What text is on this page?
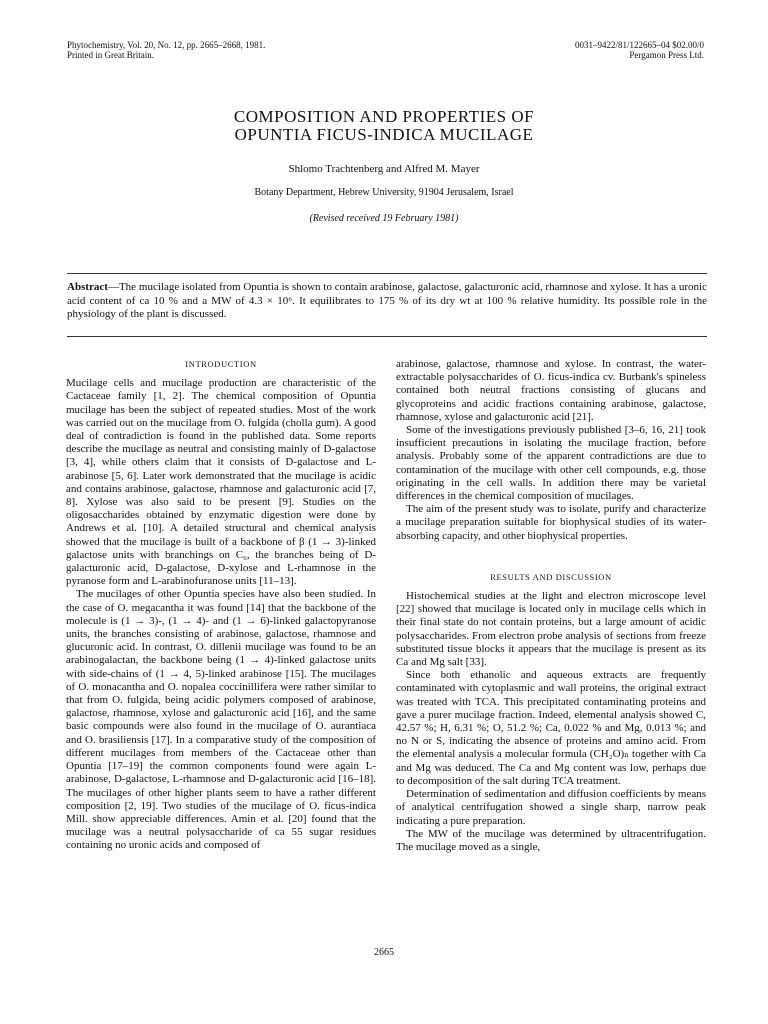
Phytochemistry, Vol. 20, No. 12, pp. 2665–2668, 1981.
Printed in Great Britain.
0031–9422/81/122665–04 $02.00/0
Pergamon Press Ltd.
COMPOSITION AND PROPERTIES OF
OPUNTIA FICUS-INDICA MUCILAGE
Shlomo Trachtenberg and Alfred M. Mayer
Botany Department, Hebrew University, 91904 Jerusalem, Israel
(Revised received 19 February 1981)
Abstract—The mucilage isolated from Opuntia is shown to contain arabinose, galactose, galacturonic acid, rhamnose and xylose. It has a uronic acid content of ca 10 % and a MW of 4.3 × 10⁶. It equilibrates to 175 % of its dry wt at 100 % relative humidity. Its possible role in the physiology of the plant is discussed.
INTRODUCTION

Mucilage cells and mucilage production are characteristic of the Cactaceae family [1, 2]. The chemical composition of Opuntia mucilage has been the subject of repeated studies. Most of the work was carried out on the mucilage from O. fulgida (cholla gum). A good deal of contradiction is found in the published data. Some reports describe the mucilage as neutral and consisting mainly of D-galactose [3, 4], while others claim that it consists of D-galactose and L-arabinose [5, 6]. Later work demonstrated that the mucilage is acidic and contains arabinose, galactose, rhamnose and galacturonic acid [7, 8]. Xylose was also said to be present [9]. Studies on the oligosaccharides obtained by enzymatic digestion were done by Andrews et al. [10]. A detailed structural and chemical analysis showed that the mucilage is built of a backbone of β (1 → 3)-linked galactose units with branchings on C₆, the branches being of D-galacturonic acid, D-galactose, D-xylose and L-rhamnose in the pyranose form and L-arabinofuranose units [11–13].

The mucilages of other Opuntia species have also been studied. In the case of O. megacantha it was found [14] that the backbone of the molecule is (1 → 3)-, (1 → 4)- and (1 → 6)-linked galactopyranose units, the branches consisting of arabinose, galactose, rhamnose and glucuronic acid. In contrast, O. dillenii mucilage was found to be an arabinogalactan, the backbone being (1 → 4)-linked galactose units with side-chains of (1 → 4, 5)-linked arabinose [15]. The mucilages of O. monacantha and O. nopalea coccinillifera were rather similar to that from O. fulgida, being acidic polymers composed of arabinose, galactose, rhamnose, xylose and galacturonic acid [16], and the same basic compounds were also found in the mucilage of O. aurantiaca and O. brasiliensis [17]. In a comparative study of the composition of different mucilages from members of the Cactaceae other than Opuntia [17–19] the common components found were again L-arabinose, D-galactose, L-rhamnose and D-galacturonic acid [16–18]. The mucilages of other higher plants seem to have a rather different composition [2, 19]. Two studies of the mucilage of O. ficus-indica Mill. show appreciable differences. Amin et al. [20] found that the mucilage was a neutral polysaccharide of ca 55 sugar residues containing no uronic acids and composed of

arabinose, galactose, rhamnose and xylose. In contrast, the water-extractable polysaccharides of O. ficus-indica cv. Burbank's spineless contained both neutral fractions consisting of glucans and glycoproteins and acidic fractions containing arabinose, galactose, rhamnose, xylose and galacturonic acid [21].

Some of the investigations previously published [3–6, 16, 21] took insufficient precautions in isolating the mucilage fraction, before analysis. Probably some of the apparent contradictions are due to contamination of the mucilage with other cell compounds, e.g. those originating in the cell walls. In addition there may be varietal differences in the chemical composition of mucilages.

The aim of the present study was to isolate, purify and characterize a mucilage preparation suitable for biophysical studies of its water-absorbing capacity, and other biophysical properties.

RESULTS AND DISCUSSION

Histochemical studies at the light and electron microscope level [22] showed that mucilage is located only in mucilage cells which in their final state do not contain proteins, but a large amount of acidic polysaccharides. From electron probe analysis of sections from freeze substituted tissue blocks it appears that the mucilage is present as its Ca and Mg salt [33].

Since both ethanolic and aqueous extracts are frequently contaminated with cytoplasmic and wall proteins, the original extract was treated with TCA. This precipitated contaminating proteins and gave a purer mucilage fraction. Indeed, elemental analysis showed C, 42.57 %; H, 6.31 %; O, 51.2 %; Ca, 0.022 % and Mg, 0.013 %; and no N or S, indicating the absence of proteins and amino acid. From the elemental analysis a molecular formula (CH₂O)ₙ together with Ca and Mg was deduced. The Ca and Mg content was low, perhaps due to decomposition of the salt during TCA treatment.

Determination of sedimentation and diffusion coefficients by means of analytical centrifugation showed a single sharp, narrow peak indicating a pure preparation.

The MW of the mucilage was determined by ultracentrifugation. The mucilage moved as a single,

2665
